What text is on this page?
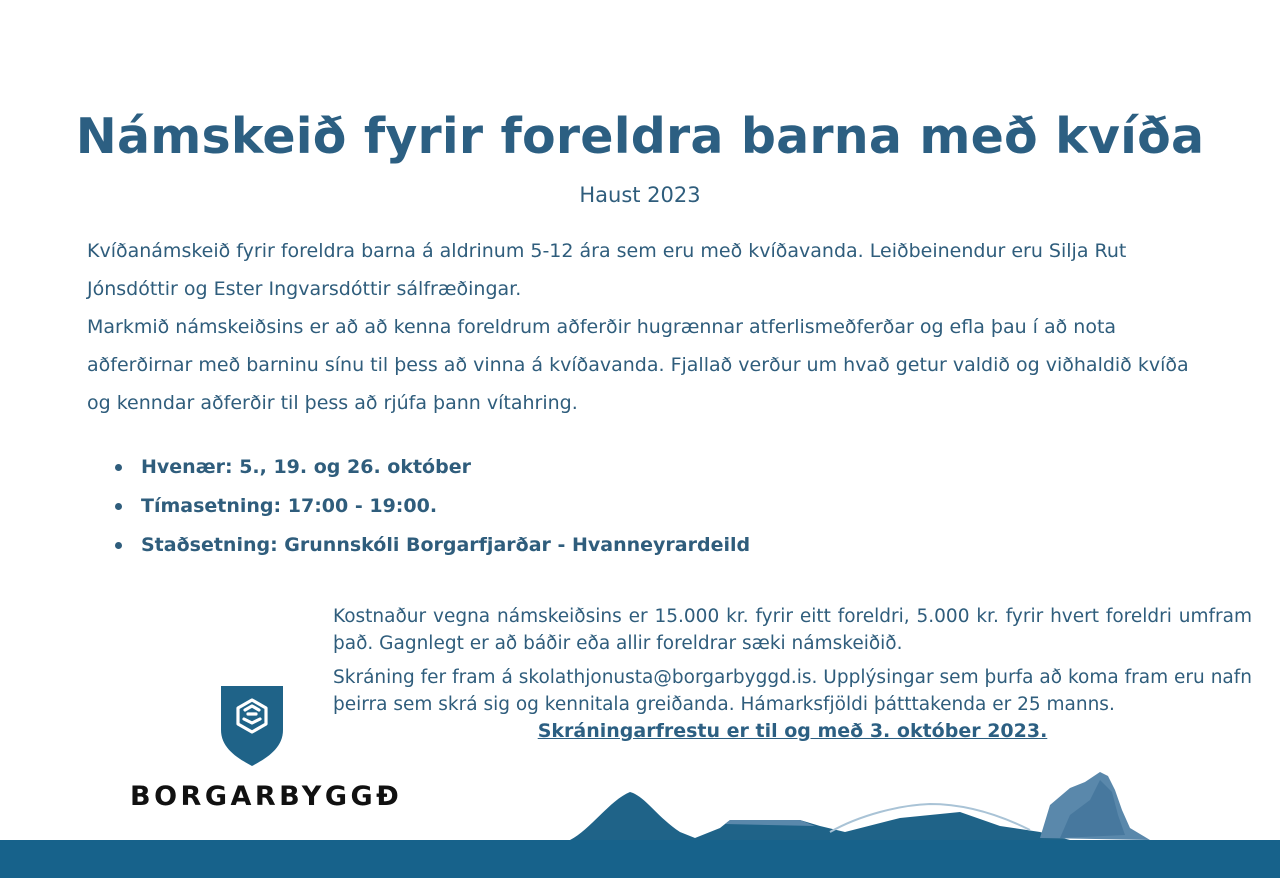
Námskeið fyrir foreldra barna með kvíða
Haust 2023

Kvíðanámskeið fyrir foreldra barna á aldrinum 5-12 ára sem eru með kvíðavanda. Leiðbeinendur eru Silja Rut Jónsdóttir og Ester Ingvarsdóttir sálfræðingar.

Markmið námskeiðsins er að að kenna foreldrum aðferðir hugrænnar atferlismeðferðar og efla þau í að nota aðferðirnar með barninu sínu til þess að vinna á kvíðavanda. Fjallað verður um hvað getur valdið og viðhaldið kvíða og kenndar aðferðir til þess að rjúfa þann vítahring.

Hvenær: 5., 19. og 26. október
Tímasetning: 17:00 - 19:00.
Staðsetning: Grunnskóli Borgarfjarðar - Hvanneyrardeild

Kostnaður vegna námskeiðsins er 15.000 kr. fyrir eitt foreldri, 5.000 kr. fyrir hvert foreldri umfram það. Gagnlegt er að báðir eða allir foreldrar sæki námskeiðið.

Skráning fer fram á skolathjonusta@borgarbyggd.is. Upplýsingar sem þurfa að koma fram eru nafn þeirra sem skrá sig og kennitala greiðanda. Hámarksfjöldi þátttakenda er 25 manns.

Skráningarfrestu er til og með 3. október 2023.
BORGARBYGGÐ
